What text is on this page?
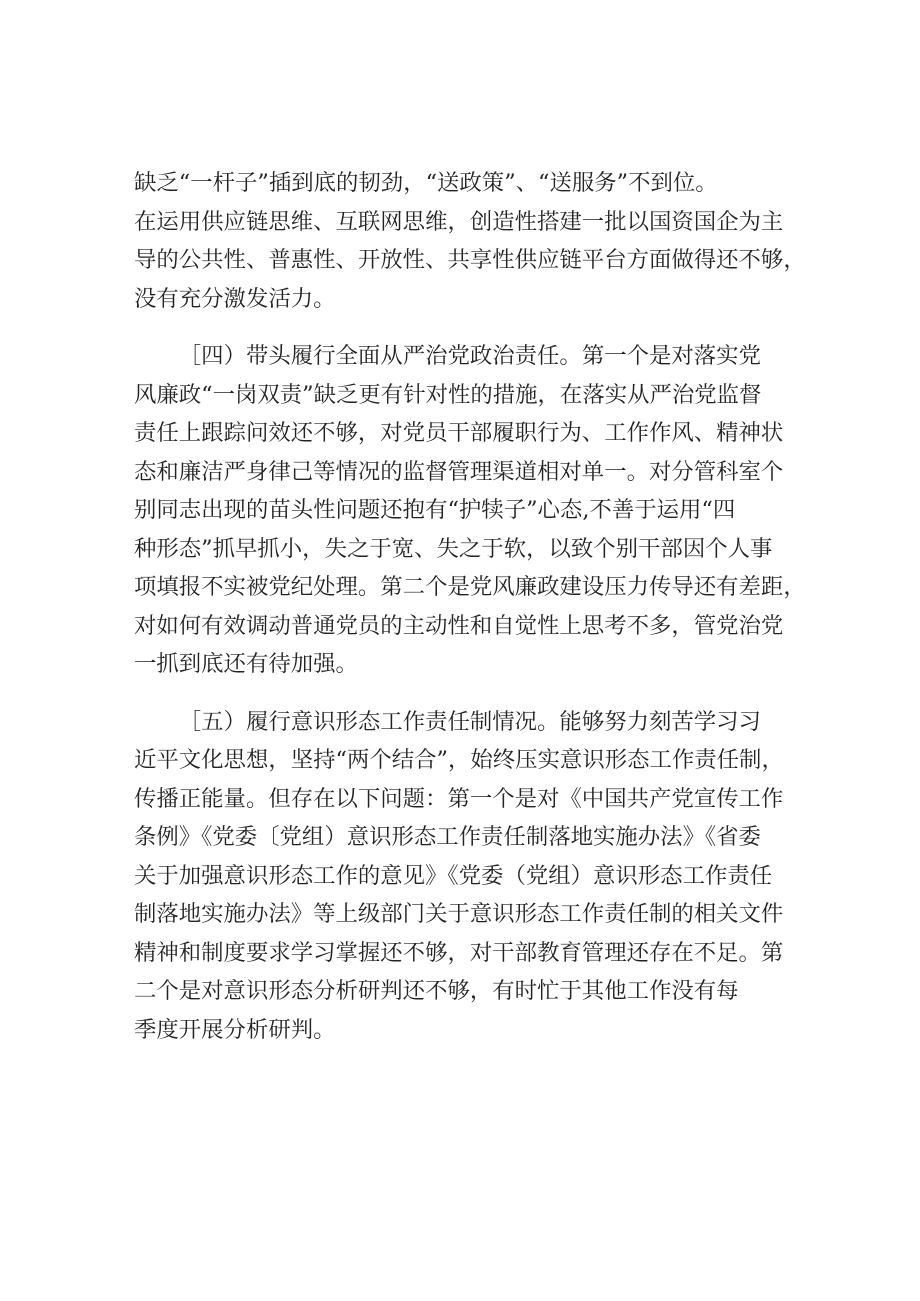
缺乏“一杆子”插到底的韧劲，“送政策”、“送服务”不到位。
在运用供应链思维、互联网思维，创造性搭建一批以国资国企为主
导的公共性、普惠性、开放性、共享性供应链平台方面做得还不够，
没有充分激发活力。
［四）带头履行全面从严治党政治责任。第一个是对落实党
风廉政“一岗双责”缺乏更有针对性的措施，在落实从严治党监督
责任上跟踪问效还不够，对党员干部履职行为、工作作风、精神状
态和廉洁严身律己等情况的监督管理渠道相对单一。对分管科室个
别同志出现的苗头性问题还抱有“护犊子”心态,不善于运用“四
种形态”抓早抓小，失之于宽、失之于软，以致个别干部因个人事
项填报不实被党纪处理。第二个是党风廉政建设压力传导还有差距，
对如何有效调动普通党员的主动性和自觉性上思考不多，管党治党
一抓到底还有待加强。
［五）履行意识形态工作责任制情况。能够努力刻苦学习习
近平文化思想，坚持“两个结合”，始终压实意识形态工作责任制，
传播正能量。但存在以下问题：第一个是对《中国共产党宣传工作
条例》《党委〔党组）意识形态工作责任制落地实施办法》《省委
关于加强意识形态工作的意见》《党委（党组）意识形态工作责任
制落地实施办法》等上级部门关于意识形态工作责任制的相关文件
精神和制度要求学习掌握还不够，对干部教育管理还存在不足。第
二个是对意识形态分析研判还不够，有时忙于其他工作没有每
季度开展分析研判。
